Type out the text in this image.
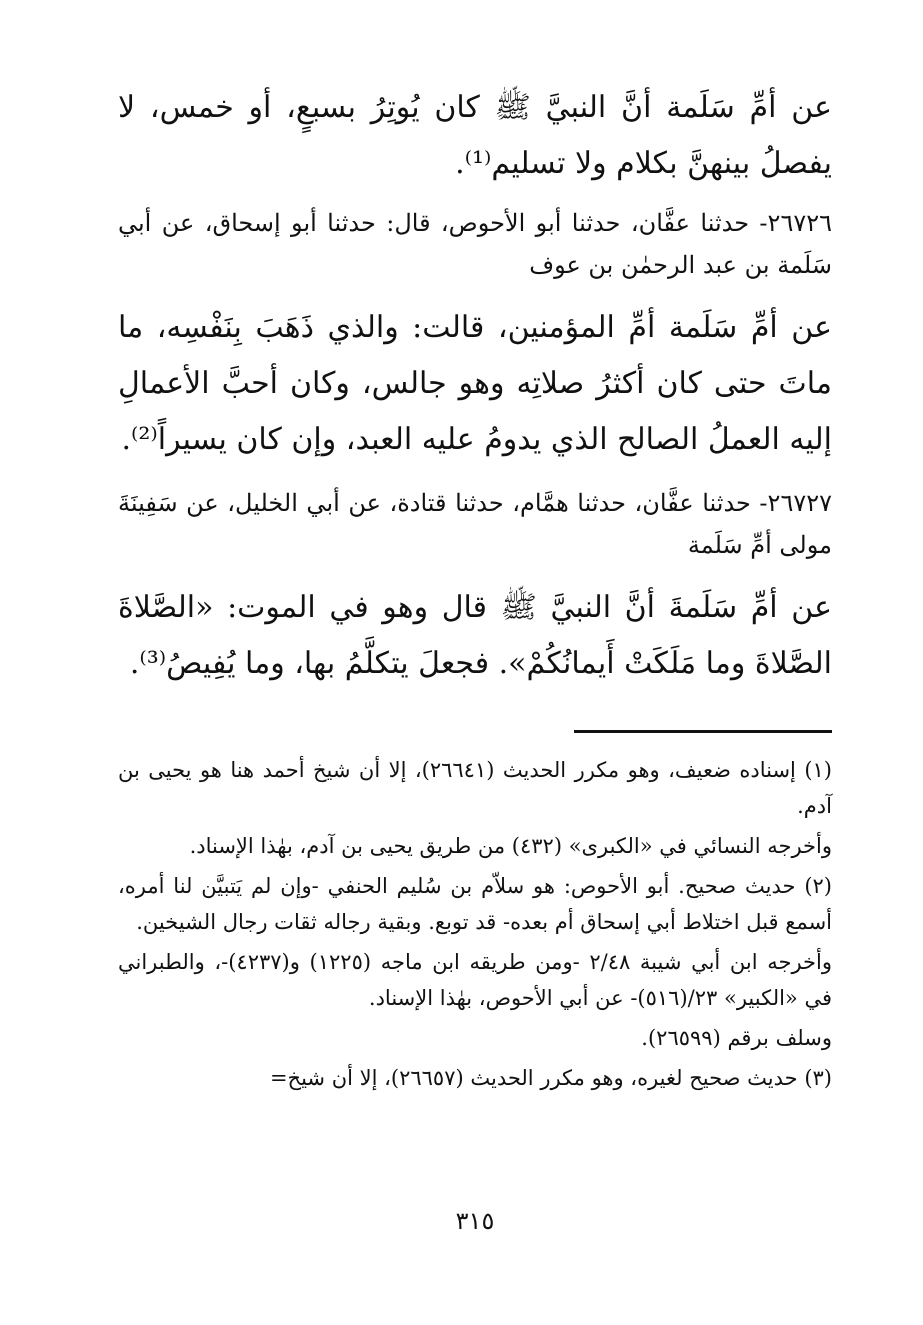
عن أمِّ سَلَمة أنَّ النبيَّ ﷺ كان يُوتِرُ بسبعٍ، أو خمس، لا يفصلُ بينهنَّ بكلام ولا تسليم⁽¹⁾.

٢٦٧٢٦- حدثنا عفَّان، حدثنا أبو الأحوص، قال: حدثنا أبو إسحاق، عن أبي سَلَمة بن عبد الرحمٰن بن عوف

عن أمِّ سَلَمة أمِّ المؤمنين، قالت: والذي ذَهَبَ بِنَفْسِه، ما ماتَ حتى كان أكثرُ صلاتِه وهو جالس، وكان أحبَّ الأعمالِ إليه العملُ الصالح الذي يدومُ عليه العبد، وإن كان يسيراً⁽²⁾.

٢٦٧٢٧- حدثنا عفَّان، حدثنا همَّام، حدثنا قتادة، عن أبي الخليل، عن سَفِينَةَ مولى أمِّ سَلَمة

عن أمِّ سَلَمةَ أنَّ النبيَّ ﷺ قال وهو في الموت: «الصَّلاةَ الصَّلاةَ وما مَلَكَتْ أَيمانُكُمْ». فجعلَ يتكلَّمُ بها، وما يُفِيصُ⁽³⁾.

(١) إسناده ضعيف، وهو مكرر الحديث (٢٦٦٤١)، إلا أن شيخ أحمد هنا هو يحيى بن آدم.

وأخرجه النسائي في «الكبرى» (٤٣٢) من طريق يحيى بن آدم، بهٰذا الإسناد.

(٢) حديث صحيح. أبو الأحوص: هو سلاّم بن سُليم الحنفي -وإن لم يَتبيَّن لنا أمره، أسمع قبل اختلاط أبي إسحاق أم بعده- قد توبع. وبقية رجاله ثقات رجال الشيخين.

وأخرجه ابن أبي شيبة ٢/٤٨ -ومن طريقه ابن ماجه (١٢٢٥) و(٤٢٣٧)-، والطبراني في «الكبير» ٢٣/(٥١٦)- عن أبي الأحوص، بهٰذا الإسناد.

وسلف برقم (٢٦٥٩٩).

(٣) حديث صحيح لغيره، وهو مكرر الحديث (٢٦٦٥٧)، إلا أن شيخ=

٣١٥
